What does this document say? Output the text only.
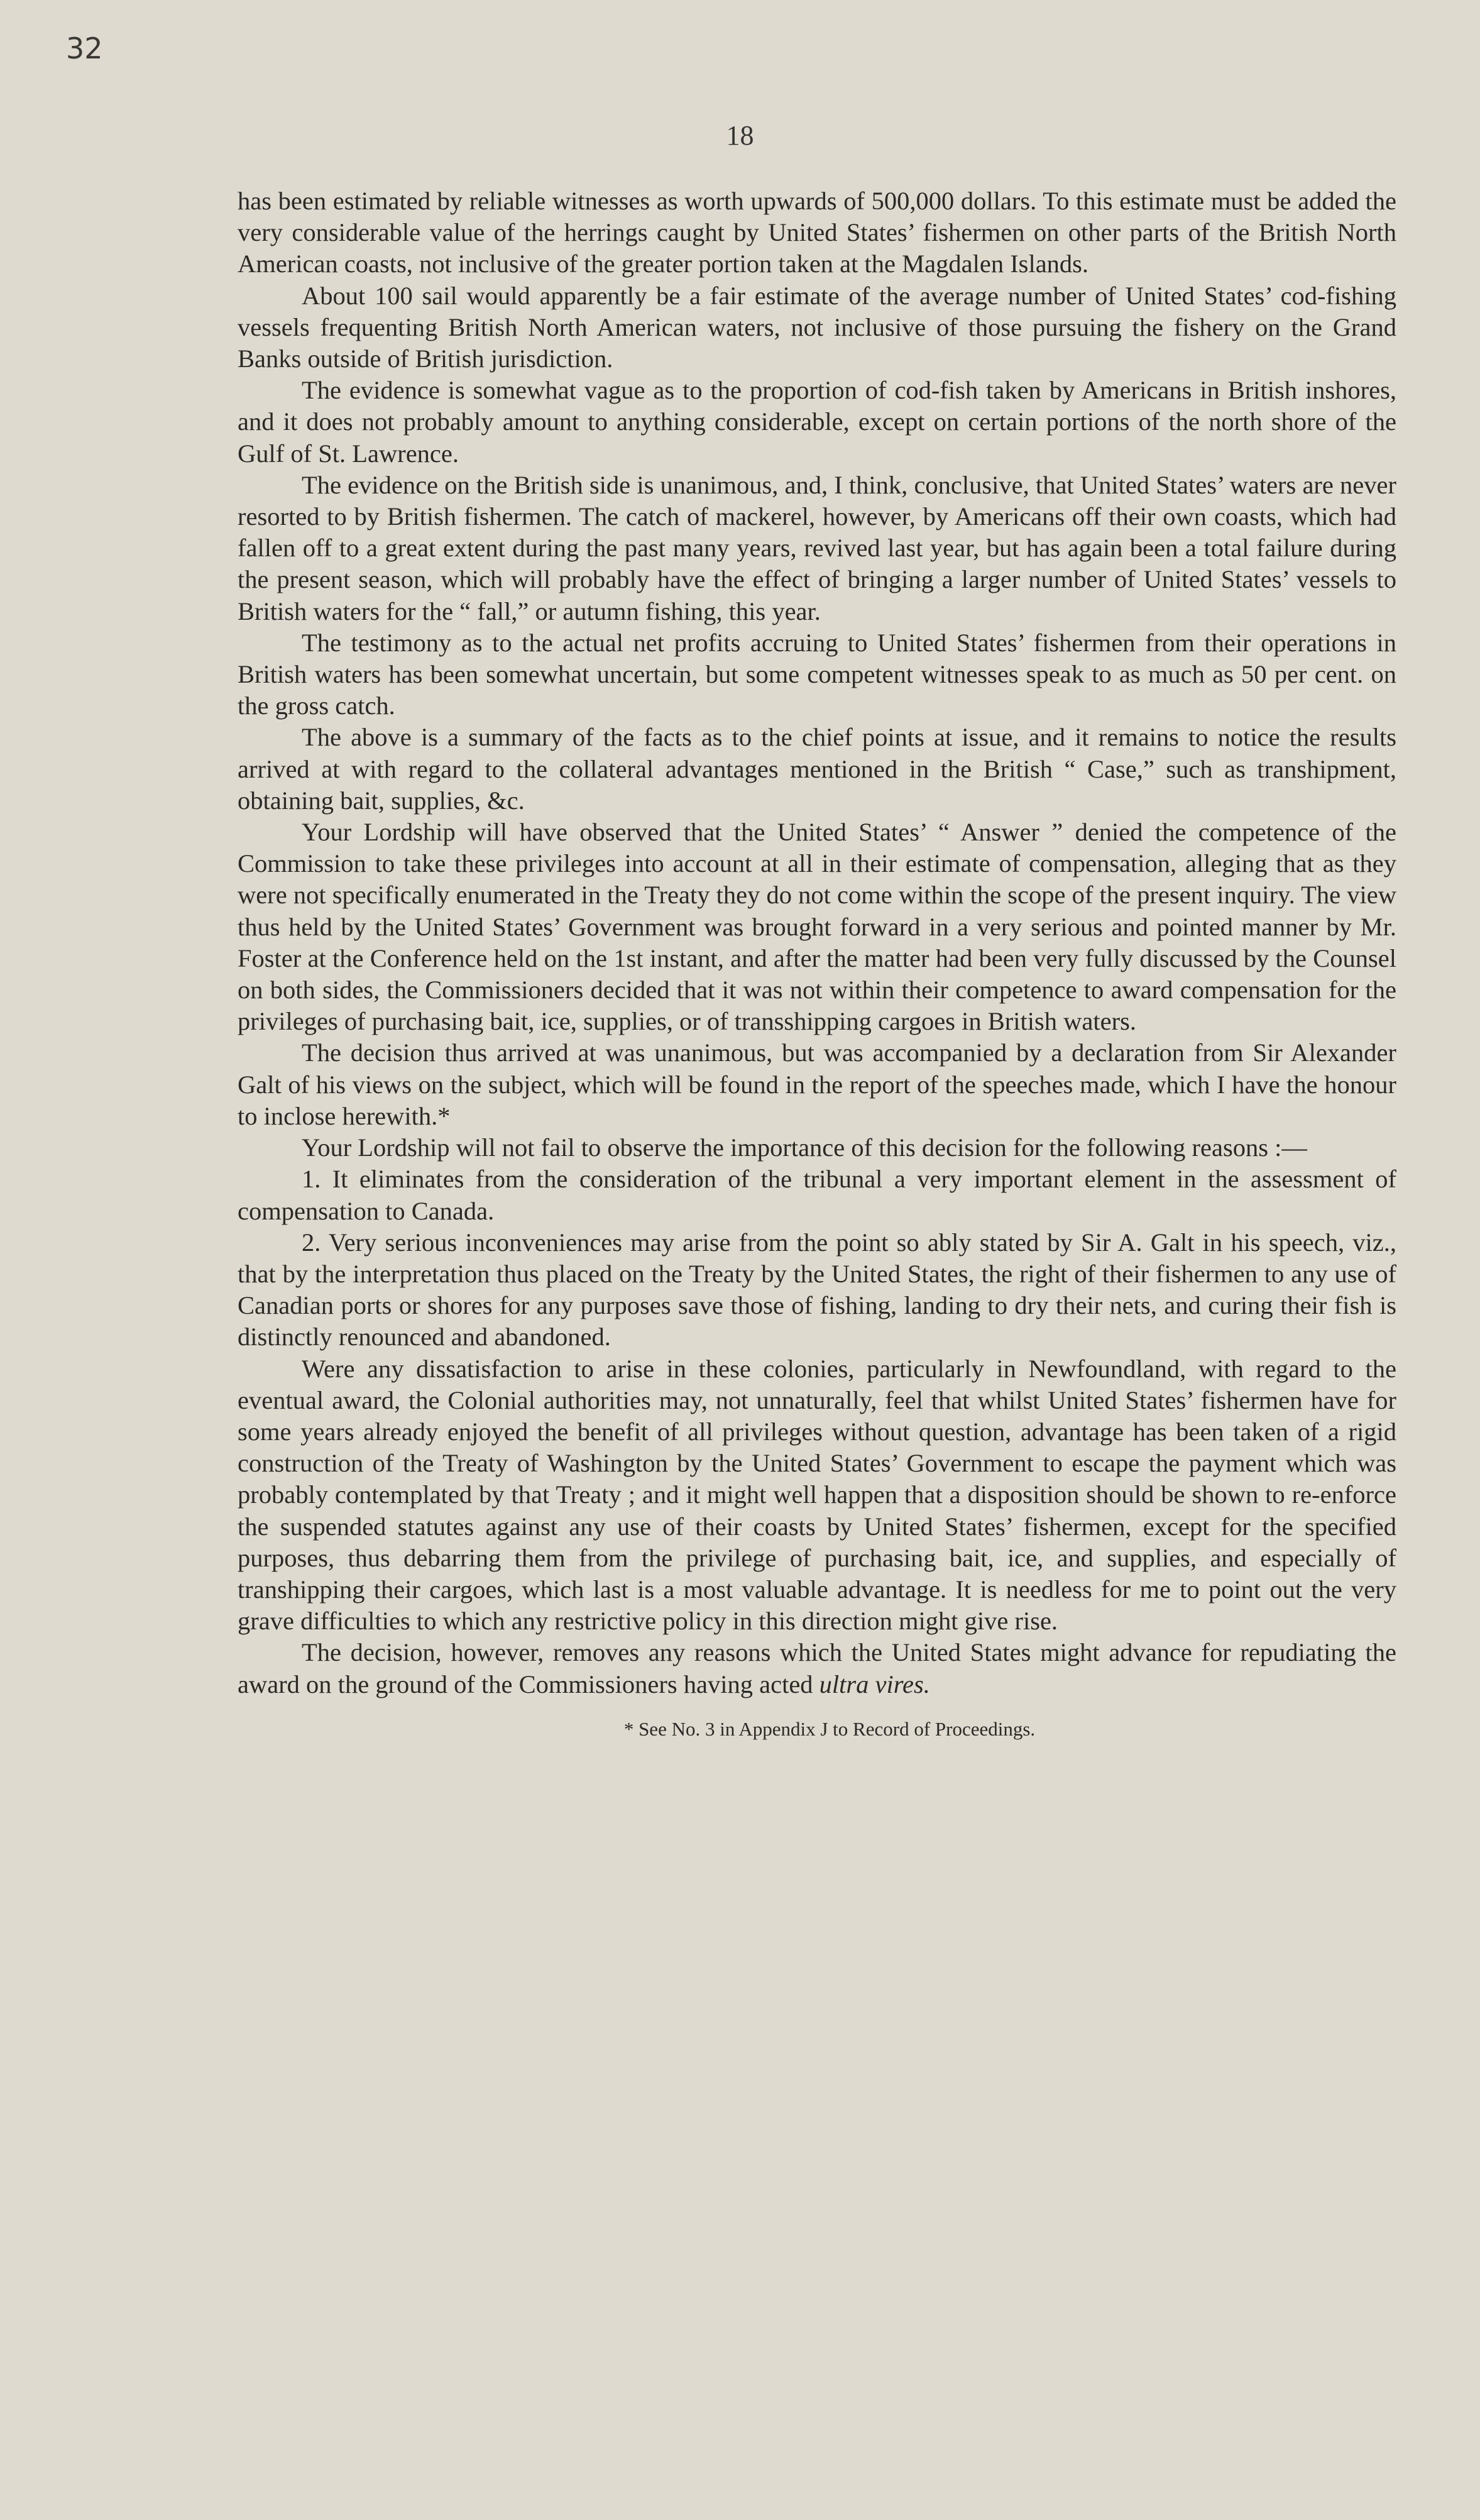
32
18

has been estimated by reliable witnesses as worth upwards of 500,000 dollars. To this estimate must be added the very considerable value of the herrings caught by United States’ fishermen on other parts of the British North American coasts, not inclusive of the greater portion taken at the Magdalen Islands.

About 100 sail would apparently be a fair estimate of the average number of United States’ cod-fishing vessels frequenting British North American waters, not inclusive of those pursuing the fishery on the Grand Banks outside of British jurisdiction.

The evidence is somewhat vague as to the proportion of cod-fish taken by Americans in British inshores, and it does not probably amount to anything considerable, except on certain portions of the north shore of the Gulf of St. Lawrence.

The evidence on the British side is unanimous, and, I think, conclusive, that United States’ waters are never resorted to by British fishermen. The catch of mackerel, however, by Americans off their own coasts, which had fallen off to a great extent during the past many years, revived last year, but has again been a total failure during the present season, which will probably have the effect of bringing a larger number of United States’ vessels to British waters for the “ fall,” or autumn fishing, this year.

The testimony as to the actual net profits accruing to United States’ fishermen from their operations in British waters has been somewhat uncertain, but some competent witnesses speak to as much as 50 per cent. on the gross catch.

The above is a summary of the facts as to the chief points at issue, and it remains to notice the results arrived at with regard to the collateral advantages mentioned in the British “ Case,” such as transhipment, obtaining bait, supplies, &c.

Your Lordship will have observed that the United States’ “ Answer ” denied the competence of the Commission to take these privileges into account at all in their estimate of compensation, alleging that as they were not specifically enumerated in the Treaty they do not come within the scope of the present inquiry. The view thus held by the United States’ Government was brought forward in a very serious and pointed manner by Mr. Foster at the Conference held on the 1st instant, and after the matter had been very fully discussed by the Counsel on both sides, the Commissioners decided that it was not within their competence to award compensation for the privileges of purchasing bait, ice, supplies, or of transshipping cargoes in British waters.

The decision thus arrived at was unanimous, but was accompanied by a declaration from Sir Alexander Galt of his views on the subject, which will be found in the report of the speeches made, which I have the honour to inclose herewith.*

Your Lordship will not fail to observe the importance of this decision for the following reasons :—

1. It eliminates from the consideration of the tribunal a very important element in the assessment of compensation to Canada.

2. Very serious inconveniences may arise from the point so ably stated by Sir A. Galt in his speech, viz., that by the interpretation thus placed on the Treaty by the United States, the right of their fishermen to any use of Canadian ports or shores for any purposes save those of fishing, landing to dry their nets, and curing their fish is distinctly renounced and abandoned.

Were any dissatisfaction to arise in these colonies, particularly in Newfoundland, with regard to the eventual award, the Colonial authorities may, not unnaturally, feel that whilst United States’ fishermen have for some years already enjoyed the benefit of all privileges without question, advantage has been taken of a rigid construction of the Treaty of Washington by the United States’ Government to escape the payment which was probably contemplated by that Treaty ; and it might well happen that a disposition should be shown to re-enforce the suspended statutes against any use of their coasts by United States’ fishermen, except for the specified purposes, thus debarring them from the privilege of purchasing bait, ice, and supplies, and especially of transhipping their cargoes, which last is a most valuable advantage. It is needless for me to point out the very grave difficulties to which any restrictive policy in this direction might give rise.

The decision, however, removes any reasons which the United States might advance for repudiating the award on the ground of the Commissioners having acted ultra vires.

* See No. 3 in Appendix J to Record of Proceedings.
